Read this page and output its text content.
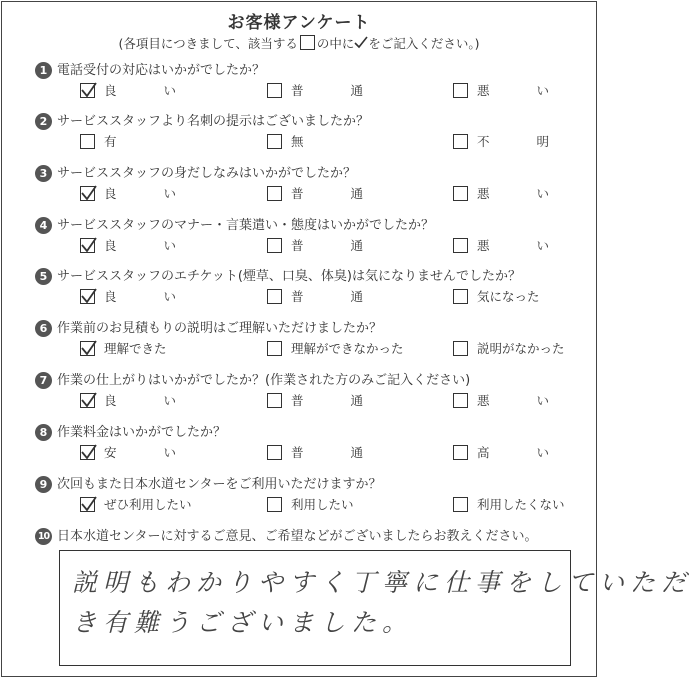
お客様アンケート
(各項目につきまして、該当する の中に をご記入ください。)
1 電話受付の対応はいかがでしたか？
良	い	普	通	悪	い
2 サービススタッフより名刺の提示はございましたか？
有	無	不	明
3 サービススタッフの身だしなみはいかがでしたか？
良	い	普	通	悪	い
4 サービススタッフのマナー・言葉遣い・態度はいかがでしたか？
良	い	普	通	悪	い
5 サービススタッフのエチケット(煙草、口臭、体臭)は気になりませんでしたか？
良	い	普	通	気になった
6 作業前のお見積もりの説明はご理解いただけましたか？
理解できた	理解ができなかった	説明がなかった
7 作業の仕上がりはいかがでしたか？(作業された方のみご記入ください)
良	い	普	通	悪	い
8 作業料金はいかがでしたか？
安	い	普	通	高	い
9 次回もまた日本水道センターをご利用いただけますか？
ぜひ利用したい	利用したい	利用したくない
10 日本水道センターに対するご意見、ご希望などがございましたらお教えください。
説明もわかりやすく丁寧に仕事をしていただ
き有難うございました。
